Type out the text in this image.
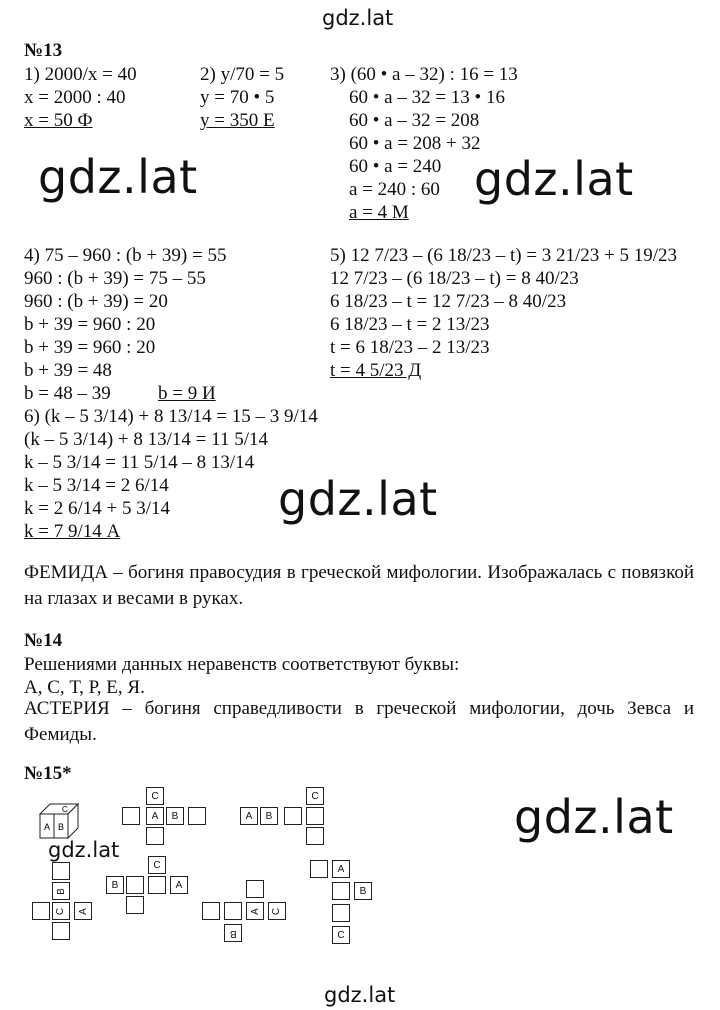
gdz.lat
gdz.lat	gdz.lat
gdz.lat
gdz.lat
gdz.lat
gdz.lat
№13
1) 2000/x = 40
x = 2000 : 40
x = 50 Ф
2) y/70 = 5
y = 70 • 5
y = 350 Е
3) (60 • a – 32) : 16 = 13
60 • a – 32 = 13 • 16
60 • a – 32 = 208
60 • a = 208 + 32
60 • a = 240
a = 240 : 60
a = 4 М
4) 75 – 960 : (b + 39) = 55
960 : (b + 39) = 75 – 55
960 : (b + 39) = 20
b + 39 = 960 : 20
b + 39 = 960 : 20
b + 39 = 48
b = 48 – 39 b = 9 И
5) 12 7/23 – (6 18/23 – t) = 3 21/23 + 5 19/23
12 7/23 – (6 18/23 – t) = 8 40/23
6 18/23 – t = 12 7/23 – 8 40/23
6 18/23 – t = 2 13/23
t = 6 18/23 – 2 13/23
t = 4 5/23 Д
6) (k – 5 3/14) + 8 13/14 = 15 – 3 9/14
(k – 5 3/14) + 8 13/14 = 11 5/14
k – 5 3/14 = 11 5/14 – 8 13/14
k – 5 3/14 = 2 6/14
k = 2 6/14 + 5 3/14
k = 7 9/14 А
ФЕМИДА – богиня правосудия в греческой мифологии. Изображалась с повязкой на глазах и весами в руках.
№14
Решениями данных неравенств соответствуют буквы:
А, С, Т, Р, Е, Я.
АСТЕРИЯ – богиня справедливости в греческой мифологии, дочь Зевса и Фемиды.
№15*
A B
C
C
A B
C
A B
B
C A
C
B	A
A C
B
A
B
C
